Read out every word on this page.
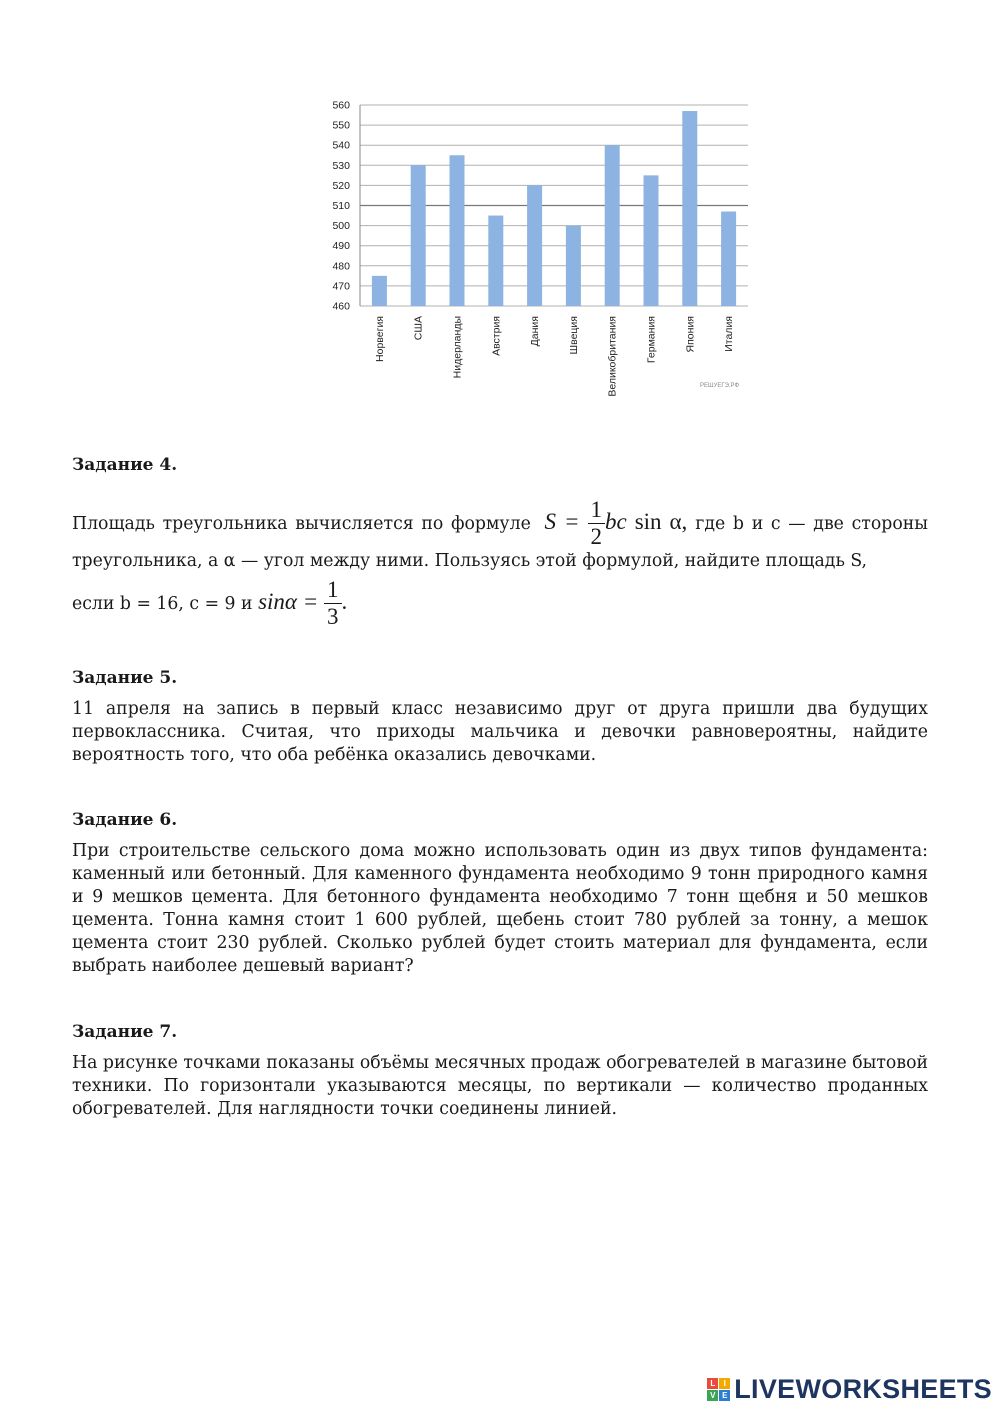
460
470
480
490
500
510
520
530
540
550
560
Норвегия	США	Нидерланды	Австрия	Дания	Швеция	Великобритания	Германия	Япония	Италия
РЕШУЕГЭ.РФ

Задание 4.

Площадь треугольника вычисляется по формуле $S = \frac{1}{2}$ bc sin α, где b и c — две стороны треугольника, а α — угол между ними. Пользуясь этой формулой, найдите площадь S,

если b = 16, c = 9 и $\sin\alpha = \frac{1}{3}$ .

Задание 5.

11 апреля на запись в первый класс независимо друг от друга пришли два будущих первоклассника. Считая, что приходы мальчика и девочки равновероятны, найдите вероятность того, что оба ребёнка оказались девочками.

Задание 6.

При строительстве сельского дома можно использовать один из двух типов фундамента: каменный или бетонный. Для каменного фундамента необходимо 9 тонн природного камня и 9 мешков цемента. Для бетонного фундамента необходимо 7 тонн щебня и 50 мешков цемента. Тонна камня стоит 1 600 рублей, щебень стоит 780 рублей за тонну, а мешок цемента стоит 230 рублей. Сколько рублей будет стоить материал для фундамента, если выбрать наиболее дешевый вариант?

Задание 7.

На рисунке точками показаны объёмы месячных продаж обогревателей в магазине бытовой техники. По горизонтали указываются месяцы, по вертикали — количество проданных обогревателей. Для наглядности точки соединены линией.

L	I
V E LIVEWORKSHEETS
